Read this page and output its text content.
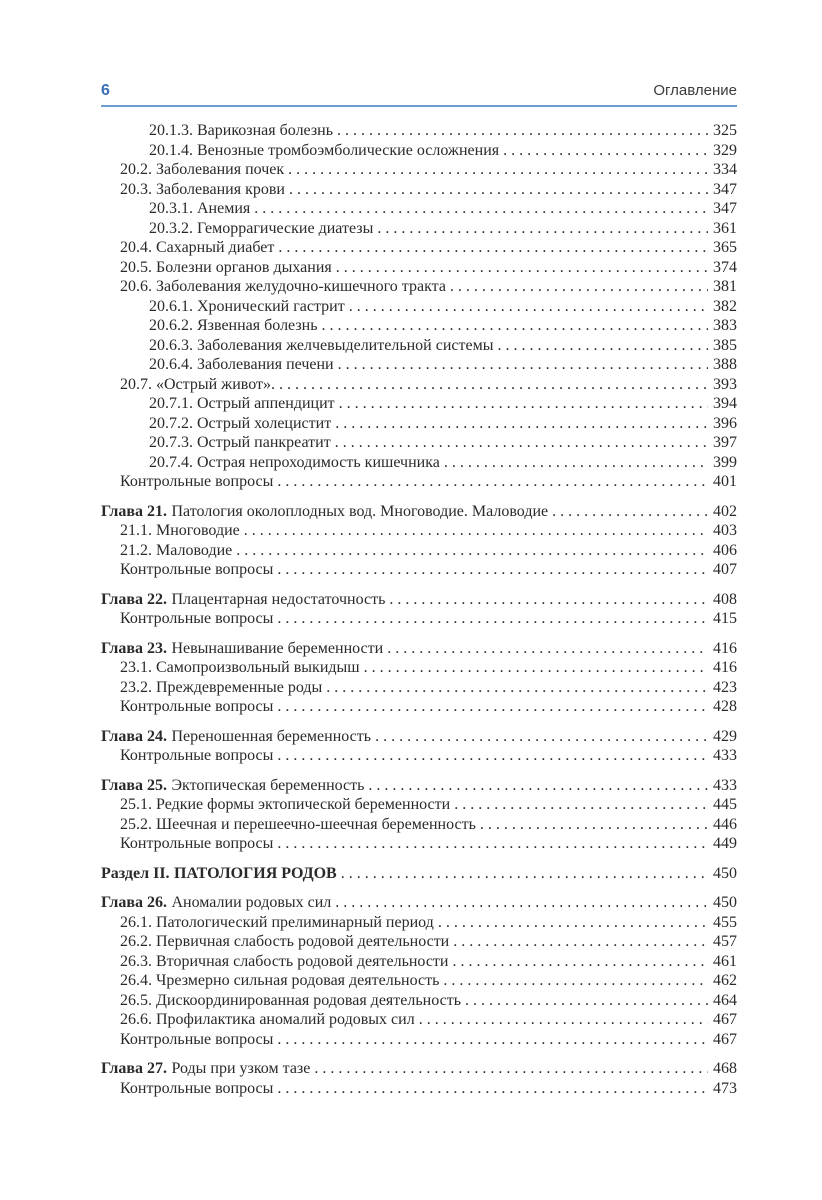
6	Оглавление
20.1.3. Варикозная болезнь . . .	325
20.1.4. Венозные тромбоэмболические осложнения . . .	329
20.2. Заболевания почек . . .	334
20.3. Заболевания крови . . .	347
20.3.1. Анемия . . .	347
20.3.2. Геморрагические диатезы . . .	361
20.4. Сахарный диабет . . .	365
20.5. Болезни органов дыхания . . .	374
20.6. Заболевания желудочно-кишечного тракта . . .	381
20.6.1. Хронический гастрит . . .	382
20.6.2. Язвенная болезнь . . .	383
20.6.3. Заболевания желчевыделительной системы . . .	385
20.6.4. Заболевания печени . . .	388
20.7. «Острый живот». . . .	393
20.7.1. Острый аппендицит . . .	394
20.7.2. Острый холецистит . . .	396
20.7.3. Острый панкреатит . . .	397
20.7.4. Острая непроходимость кишечника . . .	399
Контрольные вопросы . . .	401
Глава 21. Патология околоплодных вод. Многоводие. Маловодие . . .	402
21.1. Многоводие . . .	403
21.2. Маловодие . . .	406
Контрольные вопросы . . .	407
Глава 22. Плацентарная недостаточность . . .	408
Контрольные вопросы . . .	415
Глава 23. Невынашивание беременности . . .	416
23.1. Самопроизвольный выкидыш . . .	416
23.2. Преждевременные роды . . .	423
Контрольные вопросы . . .	428
Глава 24. Переношенная беременность . . .	429
Контрольные вопросы . . .	433
Глава 25. Эктопическая беременность . . .	433
25.1. Редкие формы эктопической беременности . . .	445
25.2. Шеечная и перешеечно-шеечная беременность . . .	446
Контрольные вопросы . . .	449
Раздел II. ПАТОЛОГИЯ РОДОВ . . .	450
Глава 26. Аномалии родовых сил . . .	450
26.1. Патологический прелиминарный период . . .	455
26.2. Первичная слабость родовой деятельности . . .	457
26.3. Вторичная слабость родовой деятельности . . .	461
26.4. Чрезмерно сильная родовая деятельность . . .	462
26.5. Дискоординированная родовая деятельность . . .	464
26.6. Профилактика аномалий родовых сил . . .	467
Контрольные вопросы . . .	467
Глава 27. Роды при узком тазе . . .	468
Контрольные вопросы . . .	473
